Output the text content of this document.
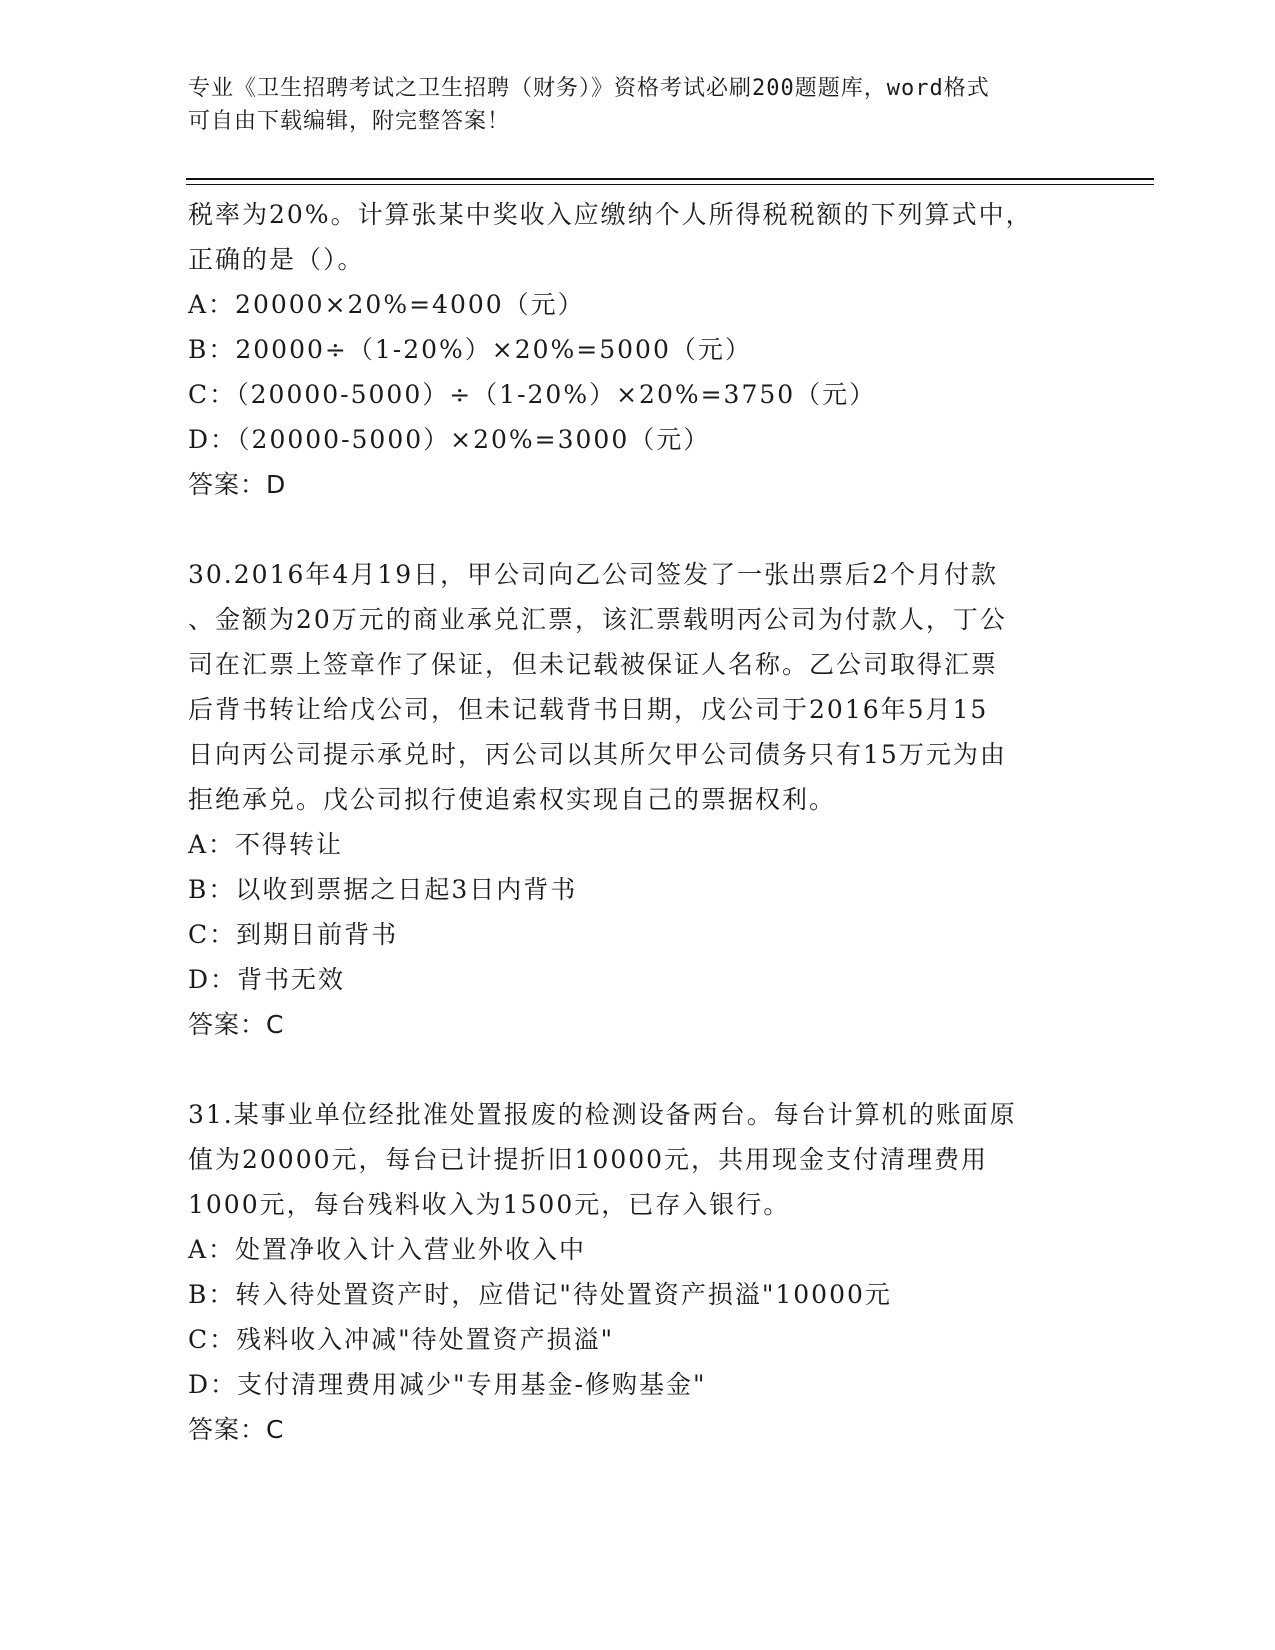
专业《卫生招聘考试之卫生招聘（财务）》资格考试必刷200题题库，word格式
可自由下载编辑，附完整答案！
税率为20%。计算张某中奖收入应缴纳个人所得税税额的下列算式中，
正确的是（）。
A：20000×20%=4000（元）
B：20000÷（1-20%）×20%=5000（元）
C：（20000-5000）÷（1-20%）×20%=3750（元）
D：（20000-5000）×20%=3000（元）
答案：D
30.2016年4月19日，甲公司向乙公司签发了一张出票后2个月付款
、金额为20万元的商业承兑汇票，该汇票载明丙公司为付款人，丁公
司在汇票上签章作了保证，但未记载被保证人名称。乙公司取得汇票
后背书转让给戊公司，但未记载背书日期，戊公司于2016年5月15
日向丙公司提示承兑时，丙公司以其所欠甲公司债务只有15万元为由
拒绝承兑。戊公司拟行使追索权实现自己的票据权利。
A：不得转让
B：以收到票据之日起3日内背书
C：到期日前背书
D：背书无效
答案：C
31.某事业单位经批准处置报废的检测设备两台。每台计算机的账面原
值为20000元，每台已计提折旧10000元，共用现金支付清理费用
1000元，每台残料收入为1500元，已存入银行。
A：处置净收入计入营业外收入中
B：转入待处置资产时，应借记"待处置资产损溢"10000元
C：残料收入冲减"待处置资产损溢"
D：支付清理费用减少"专用基金-修购基金"
答案：C
